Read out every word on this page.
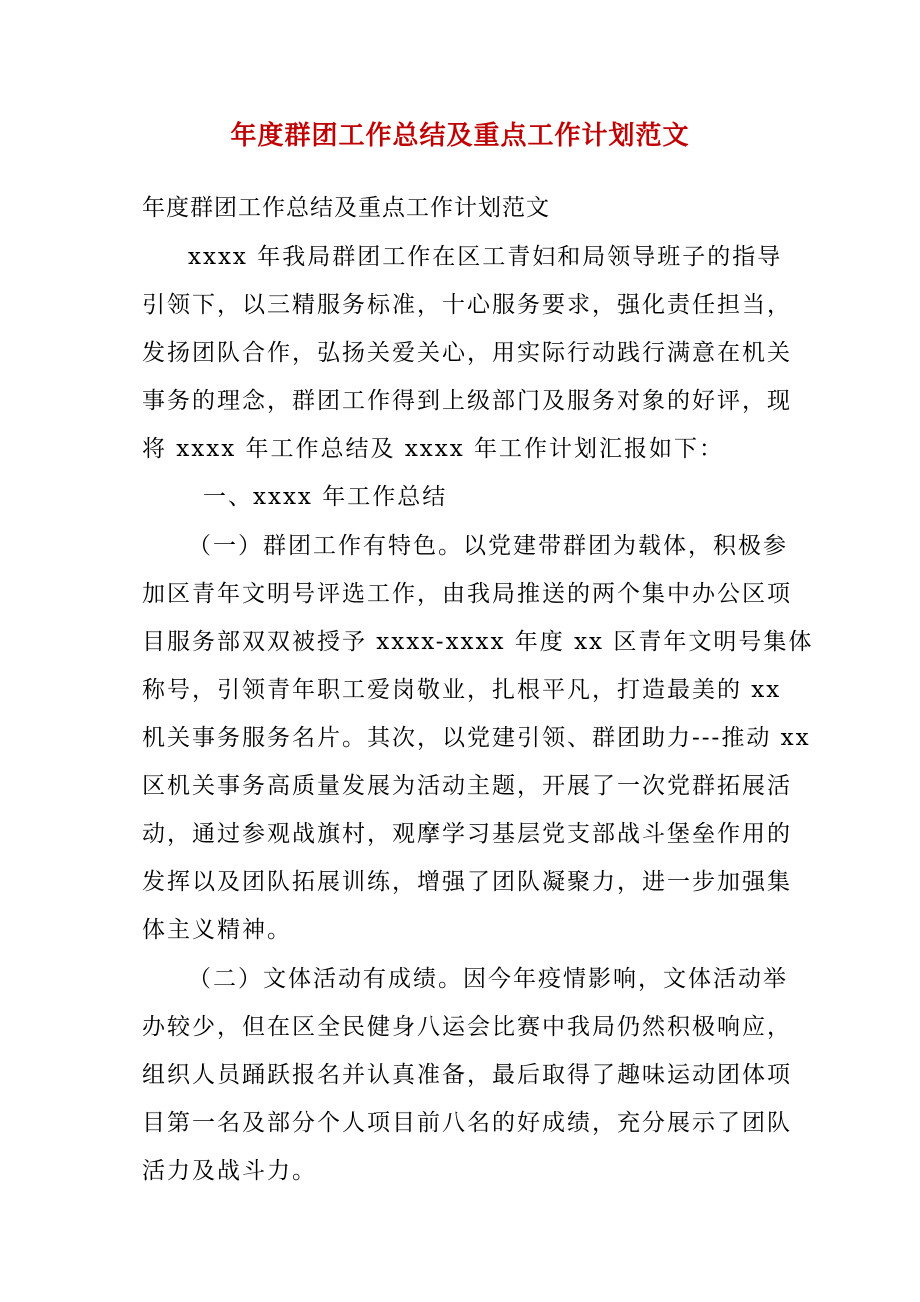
年度群团工作总结及重点工作计划范文
年度群团工作总结及重点工作计划范文
xxxx 年我局群团工作在区工青妇和局领导班子的指导
引领下，以三精服务标准，十心服务要求，强化责任担当，
发扬团队合作，弘扬关爱关心，用实际行动践行满意在机关
事务的理念，群团工作得到上级部门及服务对象的好评，现
将 xxxx 年工作总结及 xxxx 年工作计划汇报如下：
一、xxxx 年工作总结
（一）群团工作有特色。以党建带群团为载体，积极参
加区青年文明号评选工作，由我局推送的两个集中办公区项
目服务部双双被授予 xxxx-xxxx 年度 xx 区青年文明号集体
称号，引领青年职工爱岗敬业，扎根平凡，打造最美的 xx
机关事务服务名片。其次，以党建引领、群团助力---推动 xx
区机关事务高质量发展为活动主题，开展了一次党群拓展活
动，通过参观战旗村，观摩学习基层党支部战斗堡垒作用的
发挥以及团队拓展训练，增强了团队凝聚力，进一步加强集
体主义精神。
（二）文体活动有成绩。因今年疫情影响，文体活动举
办较少，但在区全民健身八运会比赛中我局仍然积极响应，
组织人员踊跃报名并认真准备，最后取得了趣味运动团体项
目第一名及部分个人项目前八名的好成绩，充分展示了团队
活力及战斗力。
